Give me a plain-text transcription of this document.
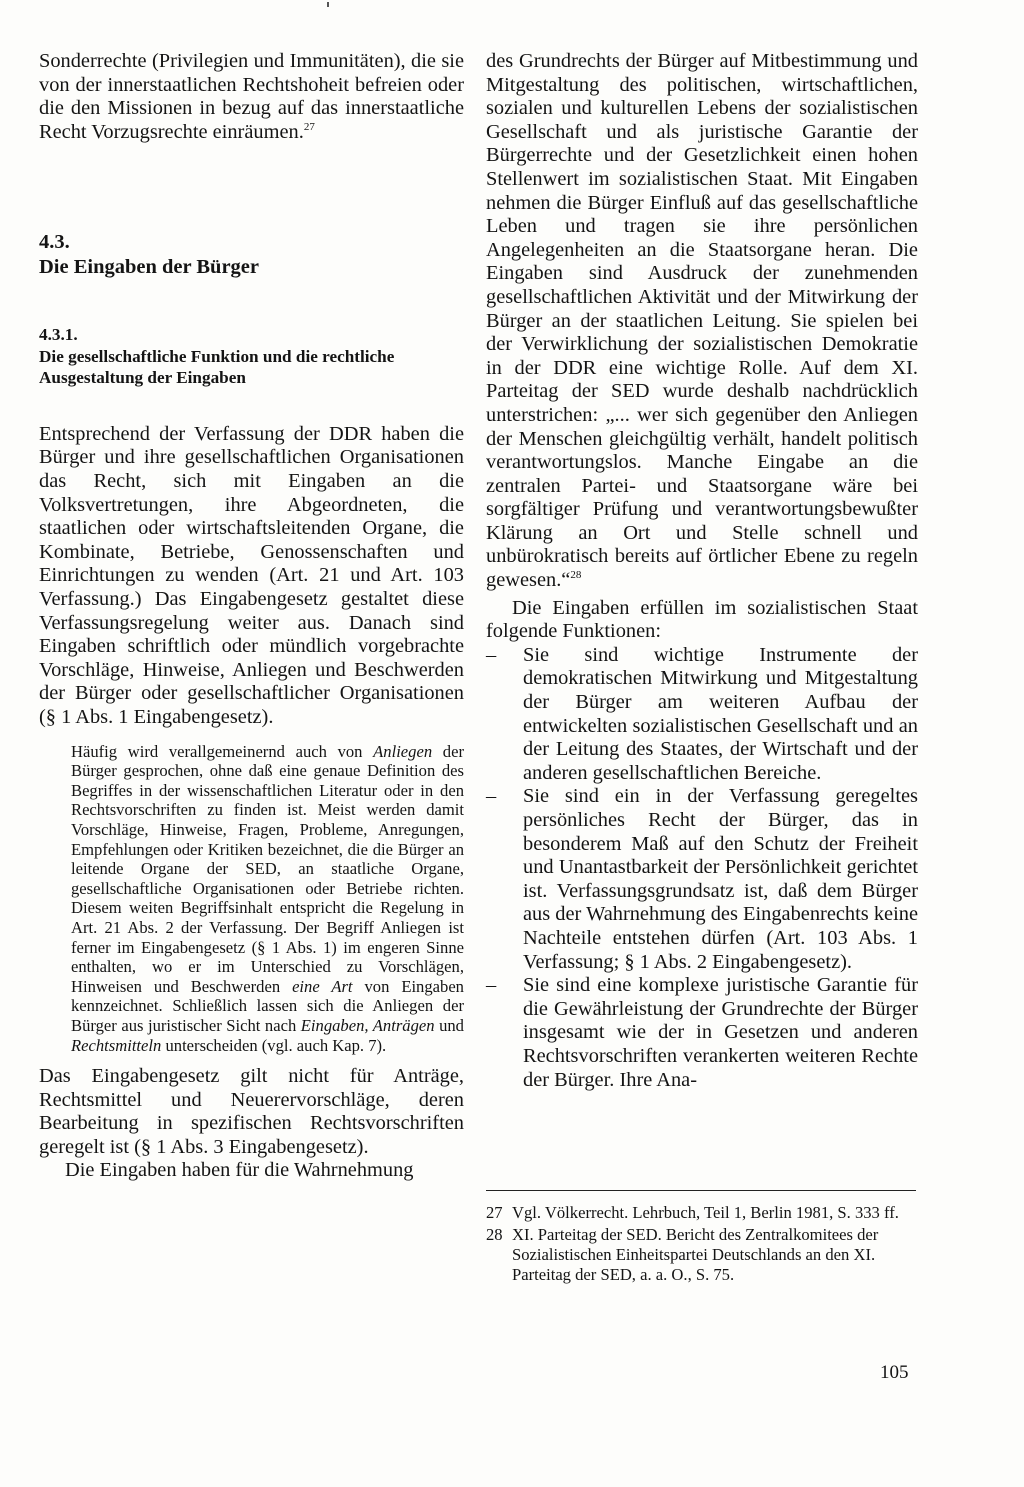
Sonderrechte (Privilegien und Immunitäten), die sie von der innerstaatlichen Rechtshoheit befreien oder die den Missionen in bezug auf das innerstaatliche Recht Vorzugsrechte einräumen.$^{27}$

4.3.
Die Eingaben der Bürger
4.3.1.
Die gesellschaftliche Funktion und die rechtliche Ausgestaltung der Eingaben

Entsprechend der Verfassung der DDR haben die Bürger und ihre gesellschaftlichen Organisationen das Recht, sich mit Eingaben an die Volksvertretungen, ihre Abgeordneten, die staatlichen oder wirtschaftsleitenden Organe, die Kombinate, Betriebe, Genossenschaften und Einrichtungen zu wenden (Art. 21 und Art. 103 Verfassung.) Das Eingabengesetz gestaltet diese Verfassungsregelung weiter aus. Danach sind Eingaben schriftlich oder mündlich vorgebrachte Vorschläge, Hinweise, Anliegen und Beschwerden der Bürger oder gesellschaftlicher Organisationen (§ 1 Abs. 1 Eingabengesetz).

Häufig wird verallgemeinernd auch von Anliegen der Bürger gesprochen, ohne daß eine genaue Definition des Begriffes in der wissenschaftlichen Literatur oder in den Rechtsvorschriften zu finden ist. Meist werden damit Vorschläge, Hinweise, Fragen, Probleme, Anregungen, Empfehlungen oder Kritiken bezeichnet, die die Bürger an leitende Organe der SED, an staatliche Organe, gesellschaftliche Organisationen oder Betriebe richten. Diesem weiten Begriffsinhalt entspricht die Regelung in Art. 21 Abs. 2 der Verfassung. Der Begriff Anliegen ist ferner im Eingabengesetz (§ 1 Abs. 1) im engeren Sinne enthalten, wo er im Unterschied zu Vorschlägen, Hinweisen und Beschwerden eine Art von Eingaben kennzeichnet. Schließlich lassen sich die Anliegen der Bürger aus juristischer Sicht nach Eingaben, Anträgen und Rechtsmitteln unterscheiden (vgl. auch Kap. 7).

Das Eingabengesetz gilt nicht für Anträge, Rechtsmittel und Neuerervorschläge, deren Bearbeitung in spezifischen Rechtsvorschriften geregelt ist (§ 1 Abs. 3 Eingabengesetz).

Die Eingaben haben für die Wahrnehmung

des Grundrechts der Bürger auf Mitbestimmung und Mitgestaltung des politischen, wirtschaftlichen, sozialen und kulturellen Lebens der sozialistischen Gesellschaft und als juristische Garantie der Bürgerrechte und der Gesetzlichkeit einen hohen Stellenwert im sozialistischen Staat. Mit Eingaben nehmen die Bürger Einfluß auf das gesellschaftliche Leben und tragen sie ihre persönlichen Angelegenheiten an die Staatsorgane heran. Die Eingaben sind Ausdruck der zunehmenden gesellschaftlichen Aktivität und der Mitwirkung der Bürger an der staatlichen Leitung. Sie spielen bei der Verwirklichung der sozialistischen Demokratie in der DDR eine wichtige Rolle. Auf dem XI. Parteitag der SED wurde deshalb nachdrücklich unterstrichen: „... wer sich gegenüber den Anliegen der Menschen gleichgültig verhält, handelt politisch verantwortungslos. Manche Eingabe an die zentralen Partei- und Staatsorgane wäre bei sorgfältiger Prüfung und verantwortungsbewußter Klärung an Ort und Stelle schnell und unbürokratisch bereits auf örtlicher Ebene zu regeln gewesen.“$^{28}$

Die Eingaben erfüllen im sozialistischen Staat folgende Funktionen:

– Sie sind wichtige Instrumente der demokratischen Mitwirkung und Mitgestaltung der Bürger am weiteren Aufbau der entwickelten sozialistischen Gesellschaft und an der Leitung des Staates, der Wirtschaft und der anderen gesellschaftlichen Bereiche.
– Sie sind ein in der Verfassung geregeltes persönliches Recht der Bürger, das in besonderem Maß auf den Schutz der Freiheit und Unantastbarkeit der Persönlichkeit gerichtet ist. Verfassungsgrundsatz ist, daß dem Bürger aus der Wahrnehmung des Eingabenrechts keine Nachteile entstehen dürfen (Art. 103 Abs. 1 Verfassung; § 1 Abs. 2 Eingabengesetz).
– Sie sind eine komplexe juristische Garantie für die Gewährleistung der Grundrechte der Bürger insgesamt wie der in Gesetzen und anderen Rechtsvorschriften verankerten weiteren Rechte der Bürger. Ihre Ana-
27 Vgl. Völkerrecht. Lehrbuch, Teil 1, Berlin 1981, S. 333 ff.
28 XI. Parteitag der SED. Bericht des Zentralkomitees der Sozialistischen Einheitspartei Deutschlands an den XI. Parteitag der SED, a. a. O., S. 75.
105
